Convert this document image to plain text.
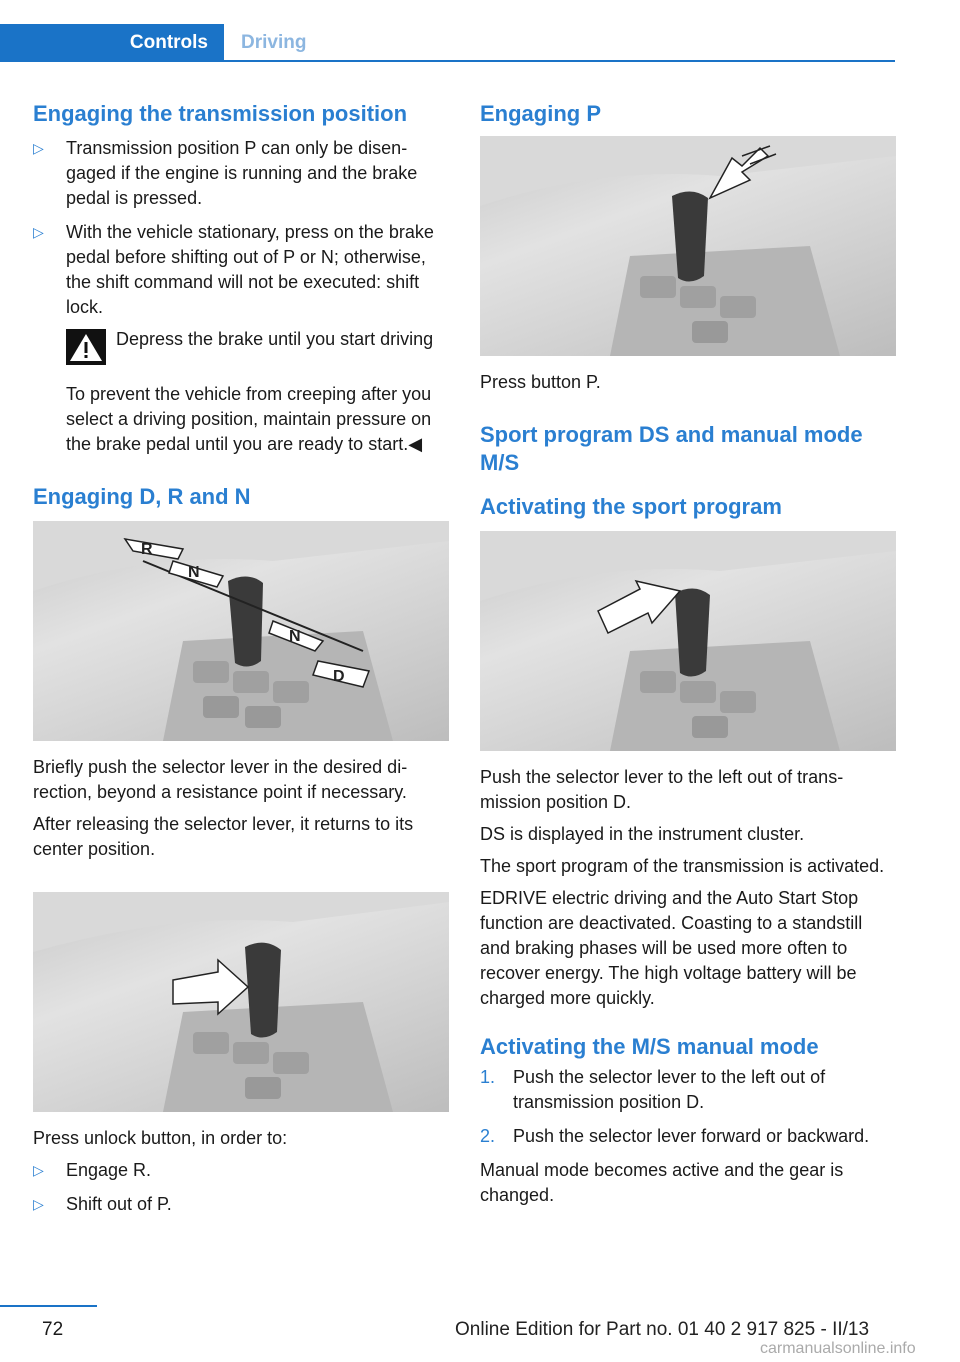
Controls	Driving
Engaging the transmission position
▷ Transmission position P can only be disengaged if the engine is running and the brake pedal is pressed.
▷ With the vehicle stationary, press on the brake pedal before shifting out of P or N; otherwise, the shift command will not be executed: shift lock.

Depress the brake until you start driving

To prevent the vehicle from creeping after you select a driving position, maintain pressure on the brake pedal until you are ready to start.◀

Engaging D, R and N
R
N
N
D

Briefly push the selector lever in the desired direction, beyond a resistance point if necessary.

After releasing the selector lever, it returns to its center position.

Press unlock button, in order to:

▷ Engage R.
▷ Shift out of P.
Engaging P

Press button P.

Sport program DS and manual mode M/S
Activating the sport program

Push the selector lever to the left out of transmission position D.

DS is displayed in the instrument cluster.

The sport program of the transmission is activated.

EDRIVE electric driving and the Auto Start Stop function are deactivated. Coasting to a standstill and braking phases will be used more often to recover energy. The high voltage battery will be charged more quickly.

Activating the M/S manual mode
1. Push the selector lever to the left out of transmission position D.
2. Push the selector lever forward or backward.

Manual mode becomes active and the gear is changed.

72	Online Edition for Part no. 01 40 2 917 825 - II/13
carmanualsonline.info
